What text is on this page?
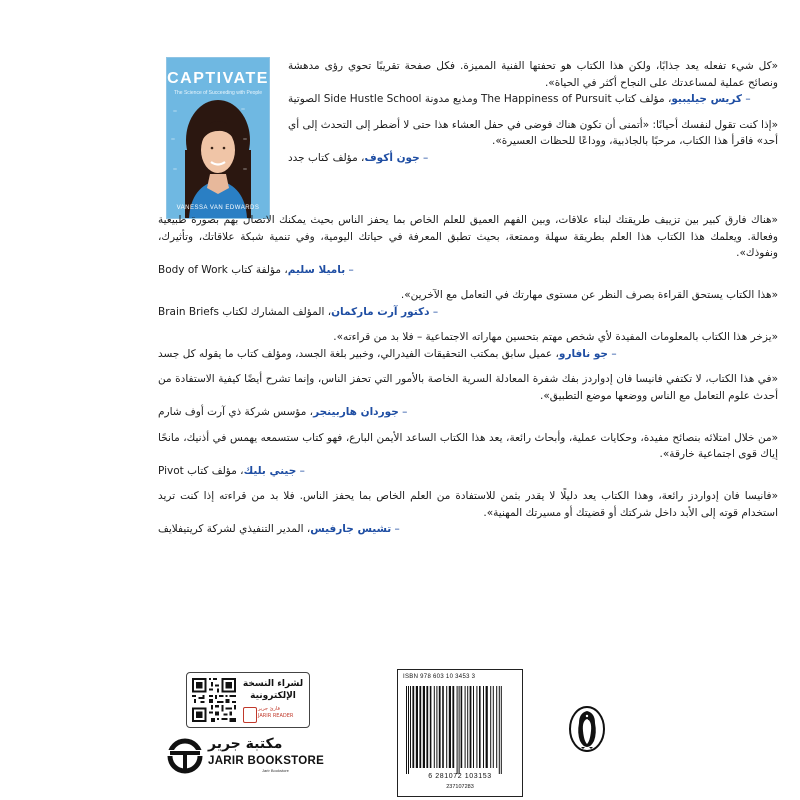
CAPTIVATE
The Science of Succeeding with People
VANESSA VAN EDWARDS

«كل شيء تفعله يعد جذابًا، ولكن هذا الكتاب هو تحفتها الفنية المميزة. فكل صفحة تقريبًا تحوي رؤى مدهشة ونصائح عملية لمساعدتك على النجاح أكثر في الحياة».

– كريس جيليبيو، مؤلف كتاب The Happiness of Pursuit ومذيع مدونة Side Hustle School الصوتية

«إذا كنت تقول لنفسك أحيانًا: «أتمنى أن تكون هناك فوضى في حفل العشاء هذا حتى لا أضطر إلى التحدث إلى أي أحد» فاقرأ هذا الكتاب، مرحبًا بالجاذبية، ووداعًا للحظات العسيرة».

– جون أكوف، مؤلف كتاب جدد

«هناك فارق كبير بين تزييف طريقتك لبناء علاقات، وبين الفهم العميق للعلم الخاص بما يحفز الناس بحيث يمكنك الاتصال بهم بصورة طبيعية وفعالة. ويعلمك هذا الكتاب هذا العلم بطريقة سهلة وممتعة، بحيث تطبق المعرفة في حياتك اليومية، وفي تنمية شبكة علاقاتك، وتأثيرك، ونفوذك».

– باميلا سليم، مؤلفة كتاب Body of Work

«هذا الكتاب يستحق القراءة بصرف النظر عن مستوى مهارتك في التعامل مع الآخرين».

– دكتور آرت ماركمان، المؤلف المشارك لكتاب Brain Briefs

«يزخر هذا الكتاب بالمعلومات المفيدة لأي شخص مهتم بتحسين مهاراته الاجتماعية – فلا بد من قراءته».

– جو نافارو، عميل سابق بمكتب التحقيقات الفيدرالي، وخبير بلغة الجسد، ومؤلف كتاب ما يقوله كل جسد

«في هذا الكتاب، لا تكتفي فانيسا فان إدواردز بفك شفرة المعادلة السرية الخاصة بالأمور التي تحفز الناس، وإنما تشرح أيضًا كيفية الاستفادة من أحدث علوم التعامل مع الناس ووضعها موضع التطبيق».

– جوردان هاربينجر، مؤسس شركة ذي آرت أوف شارم

«من خلال امتلائه بنصائح مفيدة، وحكايات عملية، وأبحاث رائعة، يعد هذا الكتاب الساعد الأيمن البارع، فهو كتاب ستسمعه يهمس في أذنيك، مانحًا إياك قوى اجتماعية خارقة».

– جيني بليك، مؤلف كتاب Pivot

«فانيسا فان إدواردز رائعة، وهذا الكتاب يعد دليلًا لا يقدر بثمن للاستفادة من العلم الخاص بما يحفز الناس. فلا بد من قراءته إذا كنت تريد استخدام قوته إلى الأبد داخل شركتك أو قضيتك أو مسيرتك المهنية».

– تشيس جارفيس، المدير التنفيذي لشركة كريتيفلايف

لشراء النسخة الإلكترونية
قارئ جرير
JARIR READER
ISBN 978 603 10 3453 3
6 281072 103153
237107283
مكتبة جرير
JARIR BOOKSTORE
Jarir Bookstore
